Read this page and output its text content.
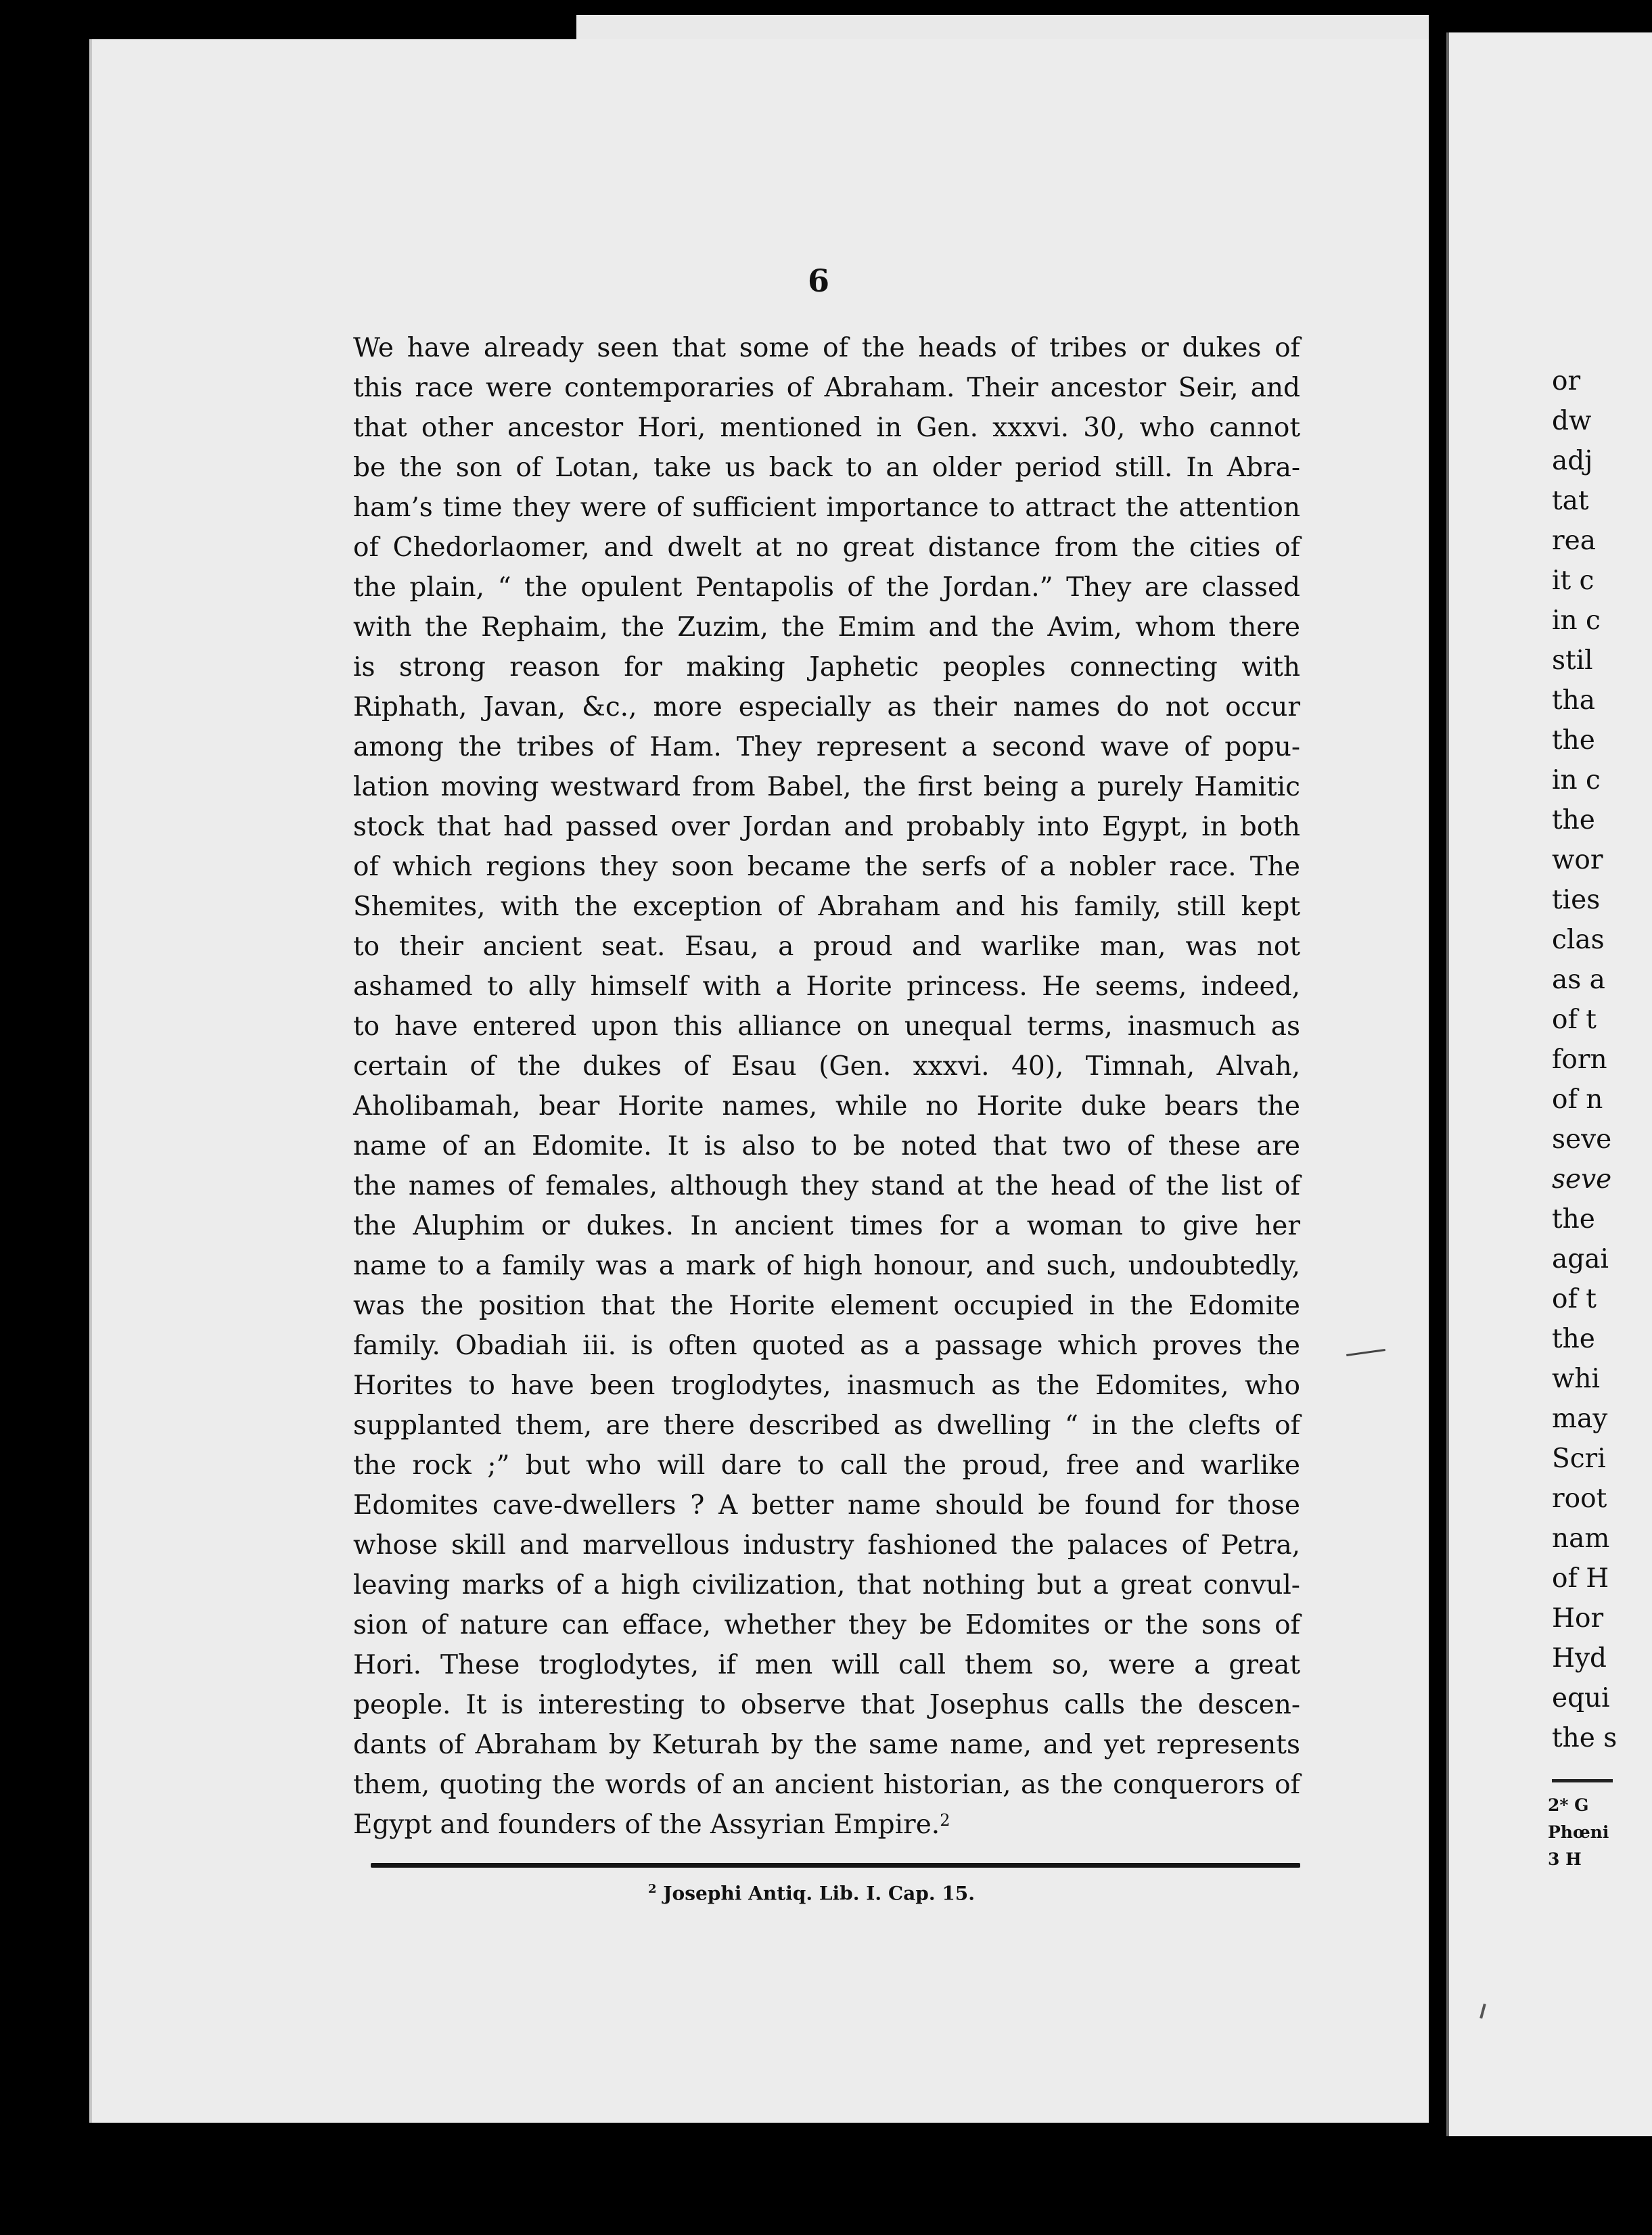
6
We have already seen that some of the heads of tribes or dukes of
this race were contemporaries of Abraham. Their ancestor Seir, and
that other ancestor Hori, mentioned in Gen. xxxvi. 30, who cannot
be the son of Lotan, take us back to an older period still. In Abra-
ham’s time they were of sufficient importance to attract the attention
of Chedorlaomer, and dwelt at no great distance from the cities of
the plain, “ the opulent Pentapolis of the Jordan.” They are classed
with the Rephaim, the Zuzim, the Emim and the Avim, whom there
is strong reason for making Japhetic peoples connecting with
Riphath, Javan, &c., more especially as their names do not occur
among the tribes of Ham. They represent a second wave of popu-
lation moving westward from Babel, the first being a purely Hamitic
stock that had passed over Jordan and probably into Egypt, in both
of which regions they soon became the serfs of a nobler race. The
Shemites, with the exception of Abraham and his family, still kept
to their ancient seat. Esau, a proud and warlike man, was not
ashamed to ally himself with a Horite princess. He seems, indeed,
to have entered upon this alliance on unequal terms, inasmuch as
certain of the dukes of Esau (Gen. xxxvi. 40), Timnah, Alvah,
Aholibamah, bear Horite names, while no Horite duke bears the
name of an Edomite. It is also to be noted that two of these are
the names of females, although they stand at the head of the list of
the Aluphim or dukes. In ancient times for a woman to give her
name to a family was a mark of high honour, and such, undoubtedly,
was the position that the Horite element occupied in the Edomite
family. Obadiah iii. is often quoted as a passage which proves the
Horites to have been troglodytes, inasmuch as the Edomites, who
supplanted them, are there described as dwelling “ in the clefts of
the rock ;” but who will dare to call the proud, free and warlike
Edomites cave-dwellers ? A better name should be found for those
whose skill and marvellous industry fashioned the palaces of Petra,
leaving marks of a high civilization, that nothing but a great convul-
sion of nature can efface, whether they be Edomites or the sons of
Hori. These troglodytes, if men will call them so, were a great
people. It is interesting to observe that Josephus calls the descen-
dants of Abraham by Keturah by the same name, and yet represents
them, quoting the words of an ancient historian, as the conquerors of
Egypt and founders of the Assyrian Empire.$^2$
$^2$ Josephi Antiq. Lib. I. Cap. 15.
or
dw
adj
tat
rea
it c
in c
stil
tha
the
in c
the
wor
ties
clas
as a
of t
forn
of n
seve
seve
the
agai
of t
the
whi
may
Scri
root
nam
of H
Hor
Hyd
equi
the s
2* G
Phœni
3 H
